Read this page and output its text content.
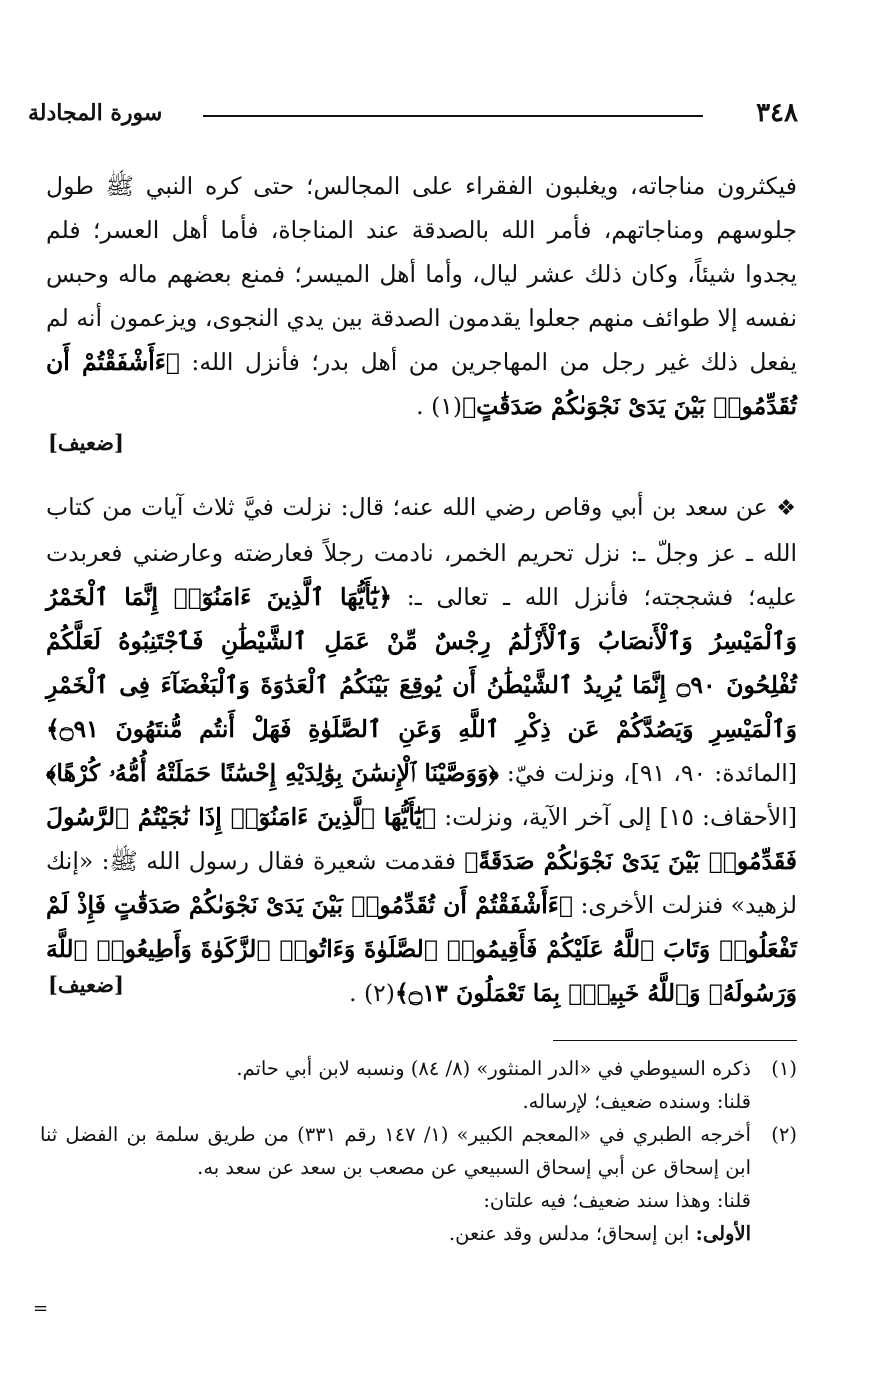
٣٤٨
سورة المجادلة
فيكثرون مناجاته، ويغلبون الفقراء على المجالس؛ حتى كره النبي ﷺ طول جلوسهم ومناجاتهم، فأمر الله بالصدقة عند المناجاة، فأما أهل العسر؛ فلم يجدوا شيئاً، وكان ذلك عشر ليال، وأما أهل الميسر؛ فمنع بعضهم ماله وحبس نفسه إلا طوائف منهم جعلوا يقدمون الصدقة بين يدي النجوى، ويزعمون أنه لم يفعل ذلك غير رجل من المهاجرين من أهل بدر؛ فأنزل الله: ﴿ءَأَشْفَقْتُمْ أَن تُقَدِّمُوا۟ بَيْنَ يَدَىْ نَجْوَىٰكُمْ صَدَقَٰتٍ﴾(١) .
[ضعيف]
❖ عن سعد بن أبي وقاص رضي الله عنه؛ قال: نزلت فيَّ ثلاث آيات من كتاب الله ـ عز وجلّ ـ: نزل تحريم الخمر، نادمت رجلاً فعارضته وعارضني فعربدت عليه؛ فشججته؛ فأنزل الله ـ تعالى ـ: ﴿يَٰٓأَيُّهَا ٱلَّذِينَ ءَامَنُوٓا۟ إِنَّمَا ٱلْخَمْرُ وَٱلْمَيْسِرُ وَٱلْأَنصَابُ وَٱلْأَزْلَٰمُ رِجْسٌ مِّنْ عَمَلِ ٱلشَّيْطَٰنِ فَٱجْتَنِبُوهُ لَعَلَّكُمْ تُفْلِحُونَ ۝٩٠ إِنَّمَا يُرِيدُ ٱلشَّيْطَٰنُ أَن يُوقِعَ بَيْنَكُمُ ٱلْعَدَٰوَةَ وَٱلْبَغْضَآءَ فِى ٱلْخَمْرِ وَٱلْمَيْسِرِ وَيَصُدَّكُمْ عَن ذِكْرِ ٱللَّهِ وَعَنِ ٱلصَّلَوٰةِ فَهَلْ أَنتُم مُّنتَهُونَ ۝٩١﴾ [المائدة: ٩٠، ٩١]، ونزلت فيّ: ﴿وَوَصَّيْنَا ٱلْإِنسَٰنَ بِوَٰلِدَيْهِ إِحْسَٰنًا حَمَلَتْهُ أُمُّهُۥ كُرْهًا﴾ [الأحقاف: ١٥] إلى آخر الآية، ونزلت: ﴿يَٰٓأَيُّهَا ٱلَّذِينَ ءَامَنُوٓا۟ إِذَا نَٰجَيْتُمُ ٱلرَّسُولَ فَقَدِّمُوا۟ بَيْنَ يَدَىْ نَجْوَىٰكُمْ صَدَقَةً﴾ فقدمت شعيرة فقال رسول الله ﷺ: «إنك لزهيد» فنزلت الأخرى: ﴿ءَأَشْفَقْتُمْ أَن تُقَدِّمُوا۟ بَيْنَ يَدَىْ نَجْوَىٰكُمْ صَدَقَٰتٍ فَإِذْ لَمْ تَفْعَلُوا۟ وَتَابَ ٱللَّهُ عَلَيْكُمْ فَأَقِيمُوا۟ ٱلصَّلَوٰةَ وَءَاتُوا۟ ٱلزَّكَوٰةَ وَأَطِيعُوا۟ ٱللَّهَ وَرَسُولَهُۥ وَٱللَّهُ خَبِيرٌۢ بِمَا تَعْمَلُونَ ۝١٣﴾(٢) .
[ضعيف]
(١)
ذكره السيوطي في «الدر المنثور» (٨/ ٨٤) ونسبه لابن أبي حاتم.
قلنا: وسنده ضعيف؛ لإرساله.
(٢)
أخرجه الطبري في «المعجم الكبير» (١/ ١٤٧ رقم ٣٣١) من طريق سلمة بن الفضل ثنا ابن إسحاق عن أبي إسحاق السبيعي عن مصعب بن سعد عن سعد به.
قلنا: وهذا سند ضعيف؛ فيه علتان:
الأولى: ابن إسحاق؛ مدلس وقد عنعن.
=
